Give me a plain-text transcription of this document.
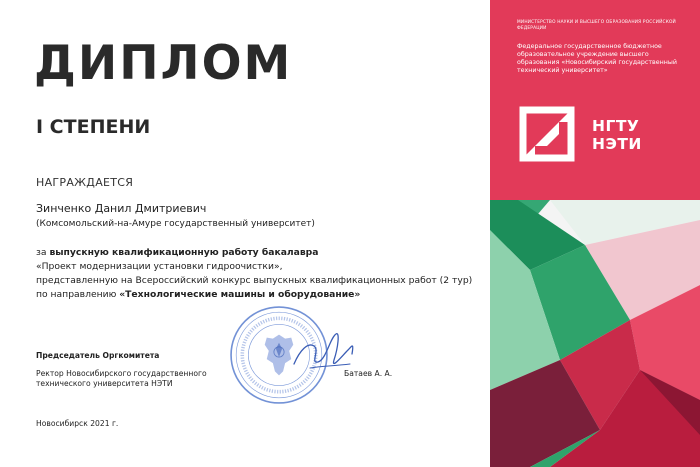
ДИПЛОМ
I СТЕПЕНИ
НАГРАЖДАЕТСЯ
Зинченко Данил Дмитриевич
(Комсомольский-на-Амуре государственный университет)
за выпускную квалификационную работу бакалавра
«Проект модернизации установки гидроочистки»,
представленную на Всероссийский конкурс выпускных квалификационных работ (2 тур)
по направлению «Технологические машины и оборудование»
Председатель Оргкомитета
Ректор Новосибирского государственного технического университета НЭТИ
Батаев А. А.
Новосибирск 2021 г.
МИНИСТЕРСТВО НАУКИ И ВЫСШЕГО ОБРАЗОВАНИЯ РОССИЙСКОЙ ФЕДЕРАЦИИ
Федеральное государственное бюджетное образовательное учреждение высшего образования «Новосибирский государственный технический университет»
НГТУ
НЭТИ
